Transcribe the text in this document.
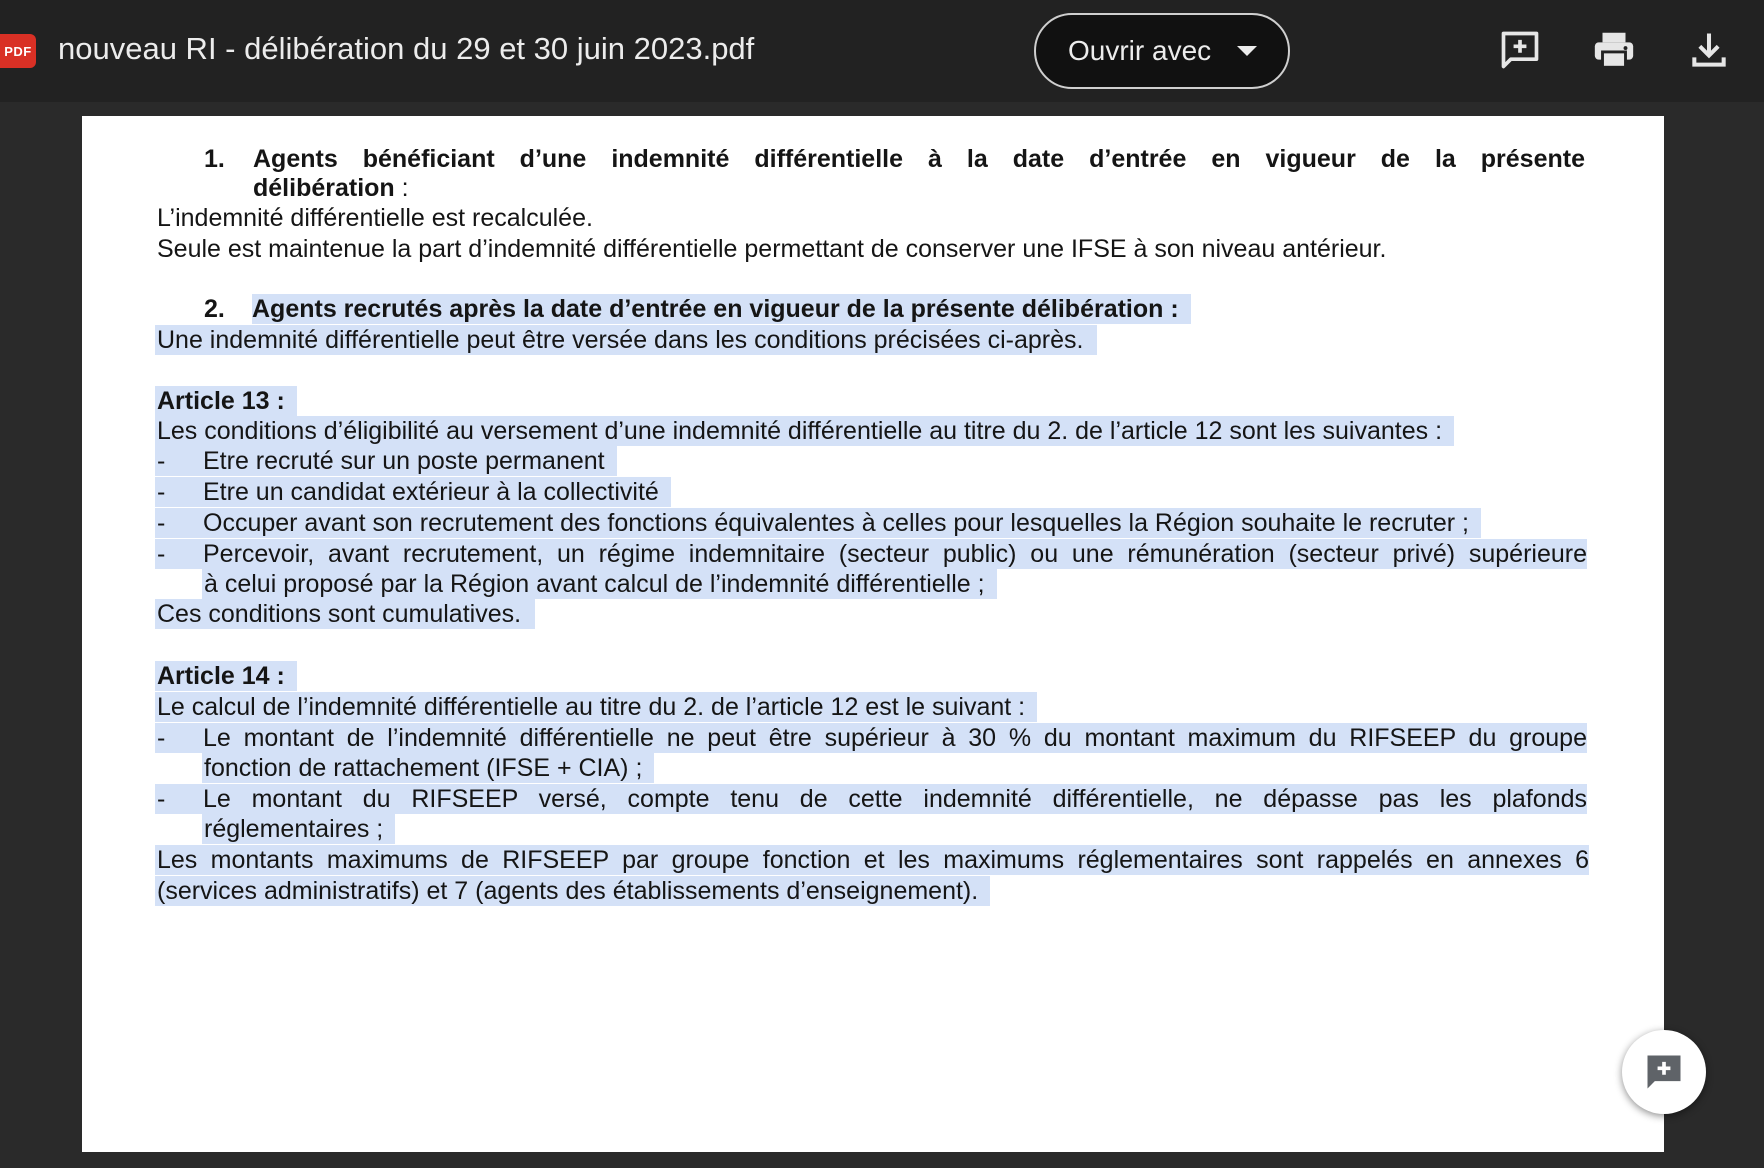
PDF nouveau RI - délibération du 29 et 30 juin 2023.pdf	Ouvrir avec
1. Agents bénéficiant d’une indemnité différentielle à la date d’entrée en vigueur de la présente
délibération :
L’indemnité différentielle est recalculée.
Seule est maintenue la part d’indemnité différentielle permettant de conserver une IFSE à son niveau antérieur.
2. Agents recrutés après la date d’entrée en vigueur de la présente délibération :
Une indemnité différentielle peut être versée dans les conditions précisées ci-après.
Article 13 :
Les conditions d’éligibilité au versement d’une indemnité différentielle au titre du 2. de l’article 12 sont les suivantes :
-	Etre recruté sur un poste permanent
-	Etre un candidat extérieur à la collectivité
-	Occuper avant son recrutement des fonctions équivalentes à celles pour lesquelles la Région souhaite le recruter ;
-	Percevoir, avant recrutement, un régime indemnitaire (secteur public) ou une rémunération (secteur privé) supérieure
à celui proposé par la Région avant calcul de l’indemnité différentielle ;
Ces conditions sont cumulatives.
Article 14 :
Le calcul de l’indemnité différentielle au titre du 2. de l’article 12 est le suivant :
-	Le montant de l’indemnité différentielle ne peut être supérieur à 30 % du montant maximum du RIFSEEP du groupe
fonction de rattachement (IFSE + CIA) ;
-	Le montant du RIFSEEP versé, compte tenu de cette indemnité différentielle, ne dépasse pas les plafonds
réglementaires ;
Les montants maximums de RIFSEEP par groupe fonction et les maximums réglementaires sont rappelés en annexes 6
(services administratifs) et 7 (agents des établissements d’enseignement).
